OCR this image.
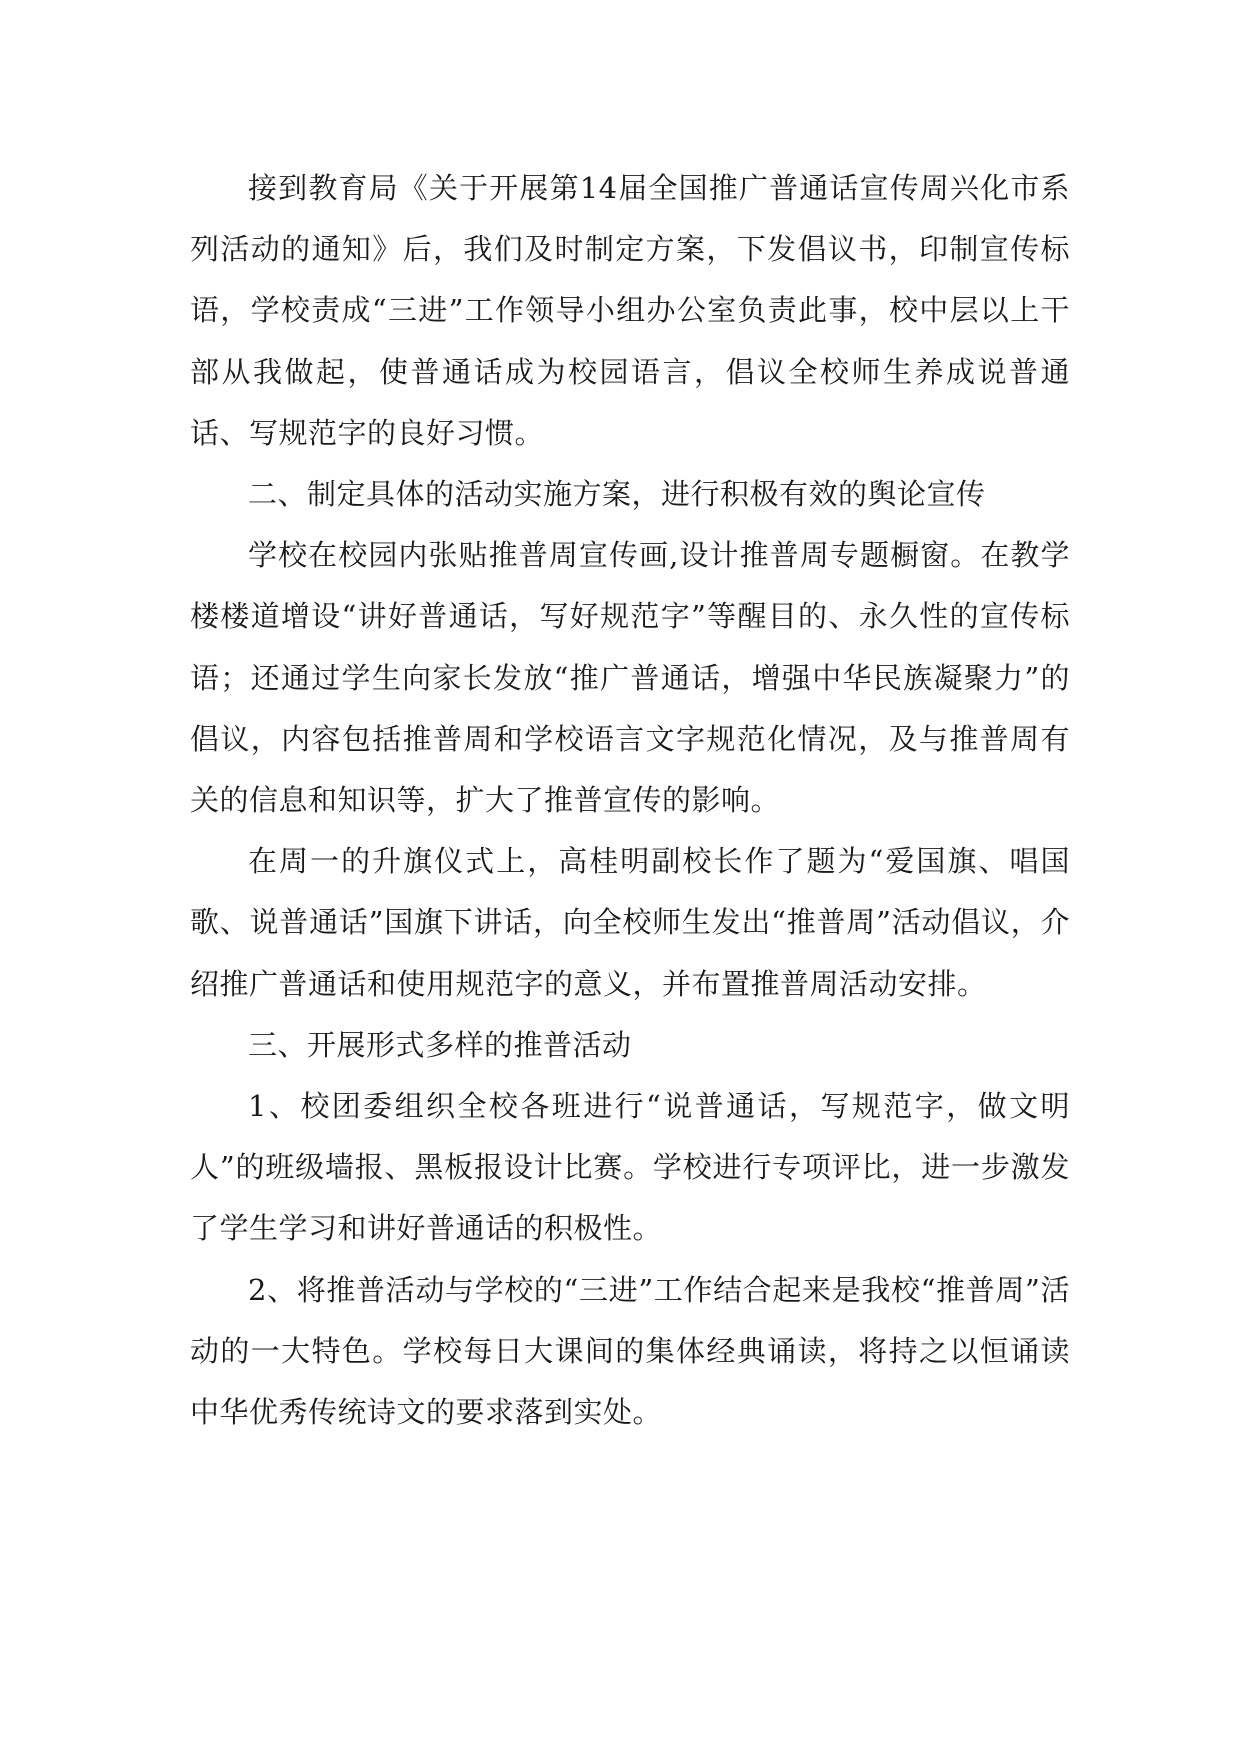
接到教育局《关于开展第14届全国推广普通话宣传周兴化市系列活动的通知》后，我们及时制定方案，下发倡议书，印制宣传标语，学校责成“三进”工作领导小组办公室负责此事，校中层以上干部从我做起，使普通话成为校园语言，倡议全校师生养成说普通话、写规范字的良好习惯。

二、制定具体的活动实施方案，进行积极有效的舆论宣传

学校在校园内张贴推普周宣传画,设计推普周专题橱窗。在教学楼楼道增设“讲好普通话，写好规范字”等醒目的、永久性的宣传标语；还通过学生向家长发放“推广普通话，增强中华民族凝聚力”的倡议，内容包括推普周和学校语言文字规范化情况，及与推普周有关的信息和知识等，扩大了推普宣传的影响。

在周一的升旗仪式上，高桂明副校长作了题为“爱国旗、唱国歌、说普通话”国旗下讲话，向全校师生发出“推普周”活动倡议，介绍推广普通话和使用规范字的意义，并布置推普周活动安排。

三、开展形式多样的推普活动

1、校团委组织全校各班进行“说普通话，写规范字，做文明人”的班级墙报、黑板报设计比赛。学校进行专项评比，进一步激发了学生学习和讲好普通话的积极性。

2、将推普活动与学校的“三进”工作结合起来是我校“推普周”活动的一大特色。学校每日大课间的集体经典诵读，将持之以恒诵读中华优秀传统诗文的要求落到实处。
